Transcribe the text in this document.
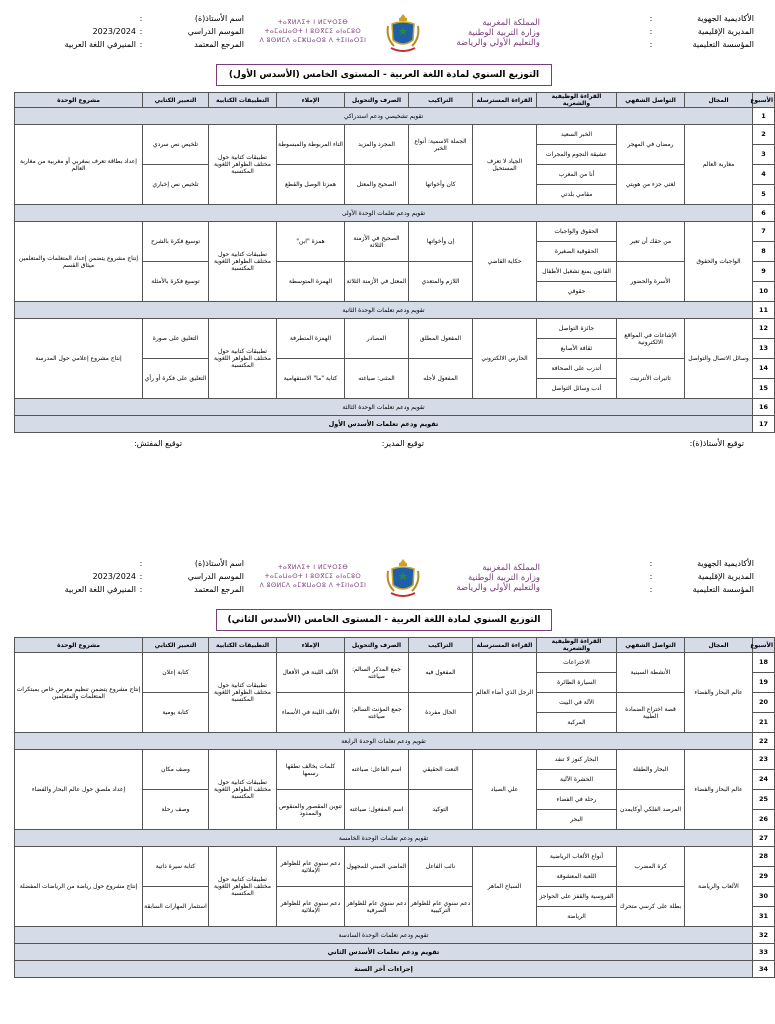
الأكاديمية الجهوية
:
المديرية الإقليمية
:
المؤسسة التعليمية
:
المملكة المغربية
وزارة التربية الوطنية
والتعليم الأولي والرياضة
ⵜⴰⴳⵍⴷⵉⵜ ⵏ ⵍⵎⵖⵔⵉⴱ
ⵜⴰⵎⴰⵡⴰⵙⵜ ⵏ ⵓⵙⴳⵎⵉ ⴰⵏⴰⵎⵓⵔ
ⴷ ⵓⵙⵍⵎⴷ ⴰⵎⵣⵡⴰⵔⵓ ⴷ ⵜⵉⵏⵏⴰⵔⵉⵏ
اسم الأستاذ(ة)
:
الموسم الدراسي
:
2023/2024
المرجع المعتمد
:
المنيرفي اللغة العربية
التوزيع السنوي لمادة اللغة العربية - المستوى الخامس (الأسدس الأول)
الأسبوع	المجال	التواصل الشفهي	القراءة الوظيفية والشعرية	القراءة المسترسلة	التراكيب	الصرف والتحويل	الإملاء	التطبيقات الكتابية	التعبير الكتابي	مشروع الوحدة
1	تقويم تشخيصي ودعم استدراكي									
2	مغاربة العالم	رمضان في المهجر	الخبر السعيد	الجياد لا تعرف المستحيل	الجملة الاسمية: أنواع الخبر	المجرد والمزيد	التاء المربوطة والمبسوطة	تطبيقات كتابية حول مختلف الظواهر اللغوية المكتسبة	تلخيص نص سردي	إعداد بطاقة تعرف بمغربي أو مغربية من مغاربة العالم
3			عشيقة النجوم والمجرات							
4		لغتي جزء من هويتي	أنا من المغرب		كان وأخواتها	الصحيح والمعتل	همزتا الوصل والقطع		تلخيص نص إخباري	
5			مقامي بلدتي							
6	تقويم ودعم تعلمات الوحدة الأولى									
7	الواجبات والحقوق	من حقك أن تعبر	الحقوق والواجبات	حكاية القاضي	إن وأخواتها	الصحيح في الأزمنة الثلاثة	همزة "ابن"	تطبيقات كتابية حول مختلف الظواهر اللغوية المكتسبة	توسيع فكرة بالشرح	إنتاج مشروع يتضمن إعداد المتعلمات والمتعلمين ميثاق القسم
8			الحقوقية الصغيرة							
9		الأسرة والحضور	القانون يمنع تشغيل الأطفال		اللازم والمتعدي	المعتل في الأزمنة الثلاثة	الهمزة المتوسطة		توسيع فكرة بالأمثلة	
10			حقوقي							
11	تقويم ودعم تعلمات الوحدة الثانية									
12	وسائل الاتصال والتواصل	الإشاعات في المواقع الالكترونية	جائزة التواصل	الحارس الالكتروني	المفعول المطلق	المصادر	الهمزة المتطرفة	تطبيقات كتابية حول مختلف الظواهر اللغوية المكتسبة	التعليق على صورة	إنتاج مشروع إعلامي حول المدرسة
13			ثقافة الأصابع							
14		تاثيرات الأنترنيت	أتدرب على الصحافة		المفعول لأجله	المثنى: صياغته	كتابة "ما" الاستفهامية		التعليق على فكرة أو رأي	
15			أدب وسائل التواصل							
16	تقويم ودعم تعلمات الوحدة الثالثة									
17	تقويم ودعم تعلمات الأسدس الأول									
توقيع الأستاذ(ة):
توقيع المدير:
توقيع المفتش:
الأكاديمية الجهوية
:
المديرية الإقليمية
:
المؤسسة التعليمية
:
المملكة المغربية
وزارة التربية الوطنية
والتعليم الأولي والرياضة
ⵜⴰⴳⵍⴷⵉⵜ ⵏ ⵍⵎⵖⵔⵉⴱ
ⵜⴰⵎⴰⵡⴰⵙⵜ ⵏ ⵓⵙⴳⵎⵉ ⴰⵏⴰⵎⵓⵔ
ⴷ ⵓⵙⵍⵎⴷ ⴰⵎⵣⵡⴰⵔⵓ ⴷ ⵜⵉⵏⵏⴰⵔⵉⵏ
اسم الأستاذ(ة)
:
الموسم الدراسي
:
2023/2024
المرجع المعتمد
:
المنيرفي اللغة العربية
التوزيع السنوي لمادة اللغة العربية - المستوى الخامس (الأسدس الثاني)
الأسبوع	المجال	التواصل الشفهي	القراءة الوظيفية والشعرية	القراءة المسترسلة	التراكيب	الصرف والتحويل	الإملاء	التطبيقات الكتابية	التعبير الكتابي	مشروع الوحدة
18	عالم البحار والفضاء	الأنشطة السينية	الاختراعات	الرجل الذي أضاء العالم	المفعول فيه	جمع المذكر السالم: صياغته	الألف اللينة في الأفعال	تطبيقات كتابية حول مختلف الظواهر اللغوية المكتسبة	كتابة إعلان	إنتاج مشروع يتضمن تنظيم معرض خاص بمبتكرات المتعلمات والمتعلمين
19			السيارة الطائرة							
20		قصة اختراع الضمادة الطبية	الآلة في البيت		الحال مفردة	جمع المؤنث السالم: صياغته	الألف اللينة في الأسماء		كتابة يومية	
21			المركبة							
22	تقويم ودعم تعلمات الوحدة الرابعة									
23	عالم البحار والفضاء	البحار والطفلة	البحار كنوز لا تنفد	علي الصياد	النعت الحقيقي	اسم الفاعل: صياغته	كلمات يخالف نطقها رسمها	تطبيقات كتابية حول مختلف الظواهر اللغوية المكتسبة	وصف مكان	إعداد ملصق حول عالم البحار والفضاء
24			الحشرة الآلية							
25		المرصد الفلكي أوكايمدن	رحلة في الفضاء		التوكيد	اسم المفعول: صياغته	تنوين المقصور والمنقوص والممدود		وصف رحلة	
26			البحر							
27	تقويم ودعم تعلمات الوحدة الخامسة									
28	الألعاب والرياضة	كرة المضرب	أنواع الألعاب الرياضية	السباح الماهر	نائب الفاعل	الماضي المبني للمجهول	دعم سنوي عام للظواهر الإملائية	تطبيقات كتابية حول مختلف الظواهر اللغوية المكتسبة	كتابة سيرة ذاتية	إنتاج مشروع حول رياضة من الرياضات المفضلة
29			اللعبة المعشوقة							
30		بطلة على كرسي متحرك	الفروسية والقفز على الحواجز		دعم سنوي عام للظواهر التركيبية	دعم سنوي عام للظواهر الصرفية	دعم سنوي عام للظواهر الإملائية		استثمار المهارات السابقة	
31			الرياضة							
32	تقويم ودعم تعلمات الوحدة السادسة									
33	تقويم ودعم تعلمات الأسدس الثاني									
34	إجراءات آخر السنة									
